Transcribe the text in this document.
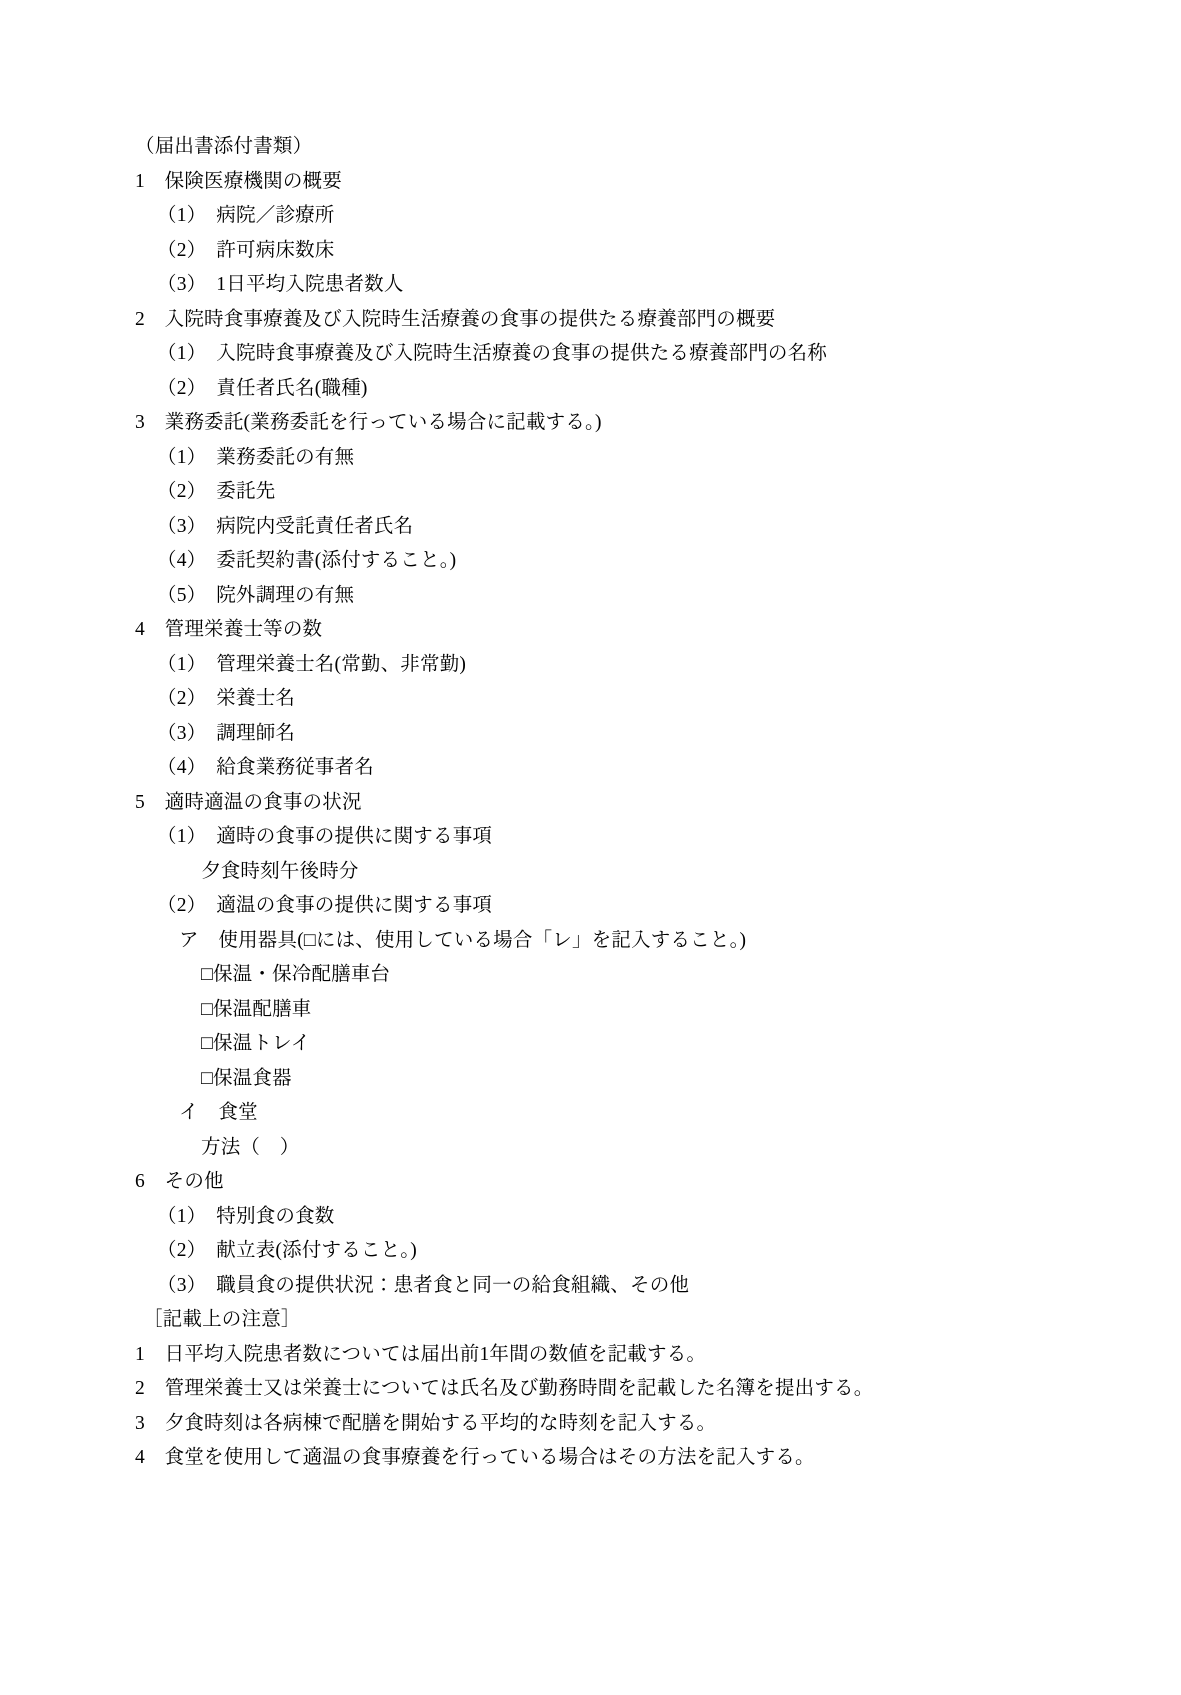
（届出書添付書類）
1　保険医療機関の概要
（1）　病院／診療所
（2）　許可病床数床
（3）　1日平均入院患者数人
2　入院時食事療養及び入院時生活療養の食事の提供たる療養部門の概要
（1）　入院時食事療養及び入院時生活療養の食事の提供たる療養部門の名称
（2）　責任者氏名(職種)
3　業務委託(業務委託を行っている場合に記載する。)
（1）　業務委託の有無
（2）　委託先
（3）　病院内受託責任者氏名
（4）　委託契約書(添付すること。)
（5）　院外調理の有無
4　管理栄養士等の数
（1）　管理栄養士名(常勤、非常勤)
（2）　栄養士名
（3）　調理師名
（4）　給食業務従事者名
5　適時適温の食事の状況
（1）　適時の食事の提供に関する事項
夕食時刻午後時分
（2）　適温の食事の提供に関する事項
ア　使用器具(□には、使用している場合「レ」を記入すること。)
□保温・保冷配膳車台
□保温配膳車
□保温トレイ
□保温食器
イ　食堂
方法（　）
6　その他
（1）　特別食の食数
（2）　献立表(添付すること。)
（3）　職員食の提供状況：患者食と同一の給食組織、その他
［記載上の注意］
1　日平均入院患者数については届出前1年間の数値を記載する。
2　管理栄養士又は栄養士については氏名及び勤務時間を記載した名簿を提出する。
3　夕食時刻は各病棟で配膳を開始する平均的な時刻を記入する。
4　食堂を使用して適温の食事療養を行っている場合はその方法を記入する。
